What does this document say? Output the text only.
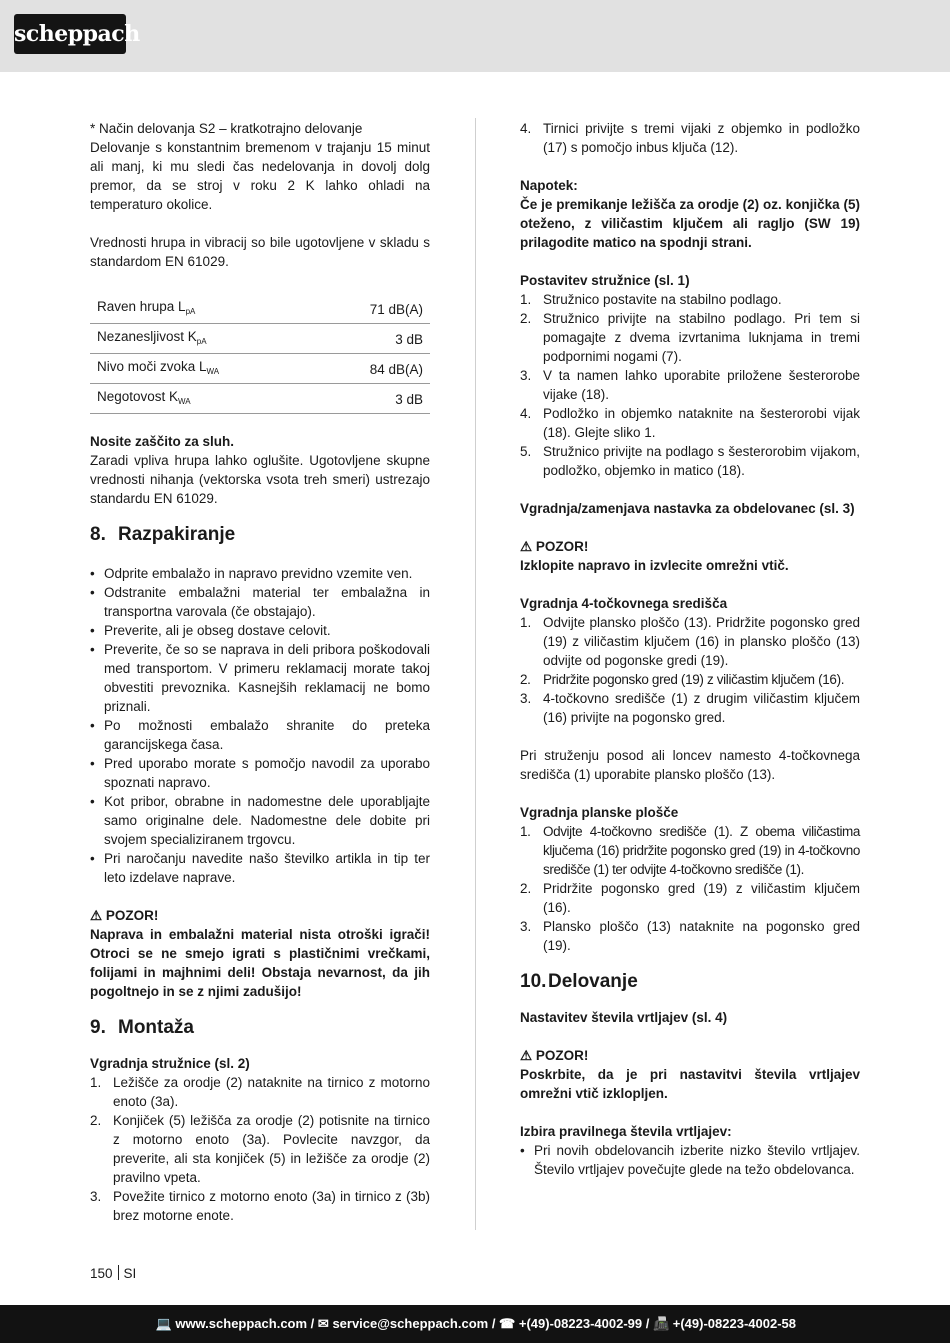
scheppach

* Način delovanja S2 – kratkotrajno delovanje

Delovanje s konstantnim bremenom v trajanju 15 minut ali manj, ki mu sledi čas nedelovanja in dovolj dolg premor, da se stroj v roku 2 K lahko ohladi na temperaturo okolice.

Vrednosti hrupa in vibracij so bile ugotovljene v skladu s standardom EN 61029.

Raven hrupa $L_{pA}$	71 dB(A)
Nezanesljivost $K_{pA}$	3 dB
Nivo moči zvoka $L_{WA}$	84 dB(A)
Negotovost $K_{WA}$	3 dB

Nosite zaščito za sluh.

Zaradi vpliva hrupa lahko oglušite. Ugotovljene skupne vrednosti nihanja (vektorska vsota treh smeri) ustrezajo standardu EN 61029.

8. Razpakiranje
• Odprite embalažo in napravo previdno vzemite ven.
• Odstranite embalažni material ter embalažna in transportna varovala (če obstajajo).
• Preverite, ali je obseg dostave celovit.
• Preverite, če so se naprava in deli pribora poškodovali med transportom. V primeru reklamacij morate takoj obvestiti prevoznika. Kasnejših reklamacij ne bomo priznali.
• Po možnosti embalažo shranite do preteka garancijskega časa.
• Pred uporabo morate s pomočjo navodil za uporabo spoznati napravo.
• Kot pribor, obrabne in nadomestne dele uporabljajte samo originalne dele. Nadomestne dele dobite pri svojem specializiranem trgovcu.
• Pri naročanju navedite našo številko artikla in tip ter leto izdelave naprave.

⚠ POZOR!

Naprava in embalažni material nista otroški igrači! Otroci se ne smejo igrati s plastičnimi vrečkami, folijami in majhnimi deli! Obstaja nevarnost, da jih pogoltnejo in se z njimi zadušijo!

9. Montaža

Vgradnja stružnice (sl. 2)

1. Ležišče za orodje (2) nataknite na tirnico z motorno enoto (3a).
2. Konjiček (5) ležišča za orodje (2) potisnite na tirnico z motorno enoto (3a). Povlecite navzgor, da preverite, ali sta konjiček (5) in ležišče za orodje (2) pravilno vpeta.
3. Povežite tirnico z motorno enoto (3a) in tirnico z (3b) brez motorne enote.
150 SI
4. Tirnici privijte s tremi vijaki z objemko in podložko (17) s pomočjo inbus ključa (12).

Napotek:

Če je premikanje ležišča za orodje (2) oz. konjička (5) oteženo, z viličastim ključem ali ragljo (SW 19) prilagodite matico na spodnji strani.

Postavitev stružnice (sl. 1)

1. Stružnico postavite na stabilno podlago.
2. Stružnico privijte na stabilno podlago. Pri tem si pomagajte z dvema izvrtanima luknjama in tremi podpornimi nogami (7).
3. V ta namen lahko uporabite priložene šesterorobe vijake (18).
4. Podložko in objemko nataknite na šesterorobi vijak (18). Glejte sliko 1.
5. Stružnico privijte na podlago s šesterorobim vijakom, podložko, objemko in matico (18).

Vgradnja/zamenjava nastavka za obdelovanec (sl. 3)

⚠ POZOR!

Izklopite napravo in izvlecite omrežni vtič.

Vgradnja 4-točkovnega središča

1. Odvijte plansko ploščo (13). Pridržite pogonsko gred (19) z viličastim ključem (16) in plansko ploščo (13) odvijte od pogonske gredi (19).
2. Pridržite pogonsko gred (19) z viličastim ključem (16).
3. 4-točkovno središče (1) z drugim viličastim ključem (16) privijte na pogonsko gred.

Pri struženju posod ali loncev namesto 4-točkovnega središča (1) uporabite plansko ploščo (13).

Vgradnja planske plošče

1. Odvijte 4-točkovno središče (1). Z obema viličastima ključema (16) pridržite pogonsko gred (19) in 4-točkovno središče (1) ter odvijte 4-točkovno središče (1).
2. Pridržite pogonsko gred (19) z viličastim ključem (16).
3. Plansko ploščo (13) nataknite na pogonsko gred (19).
10.Delovanje

Nastavitev števila vrtljajev (sl. 4)

⚠ POZOR!

Poskrbite, da je pri nastavitvi števila vrtljajev omrežni vtič izklopljen.

Izbira pravilnega števila vrtljajev:

• Pri novih obdelovancih izberite nizko število vrtljajev. Število vrtljajev povečujte glede na težo obdelovanca.
💻 www.scheppach.com / ✉ service@scheppach.com / ☎ +(49)-08223-4002-99 / 📠 +(49)-08223-4002-58
